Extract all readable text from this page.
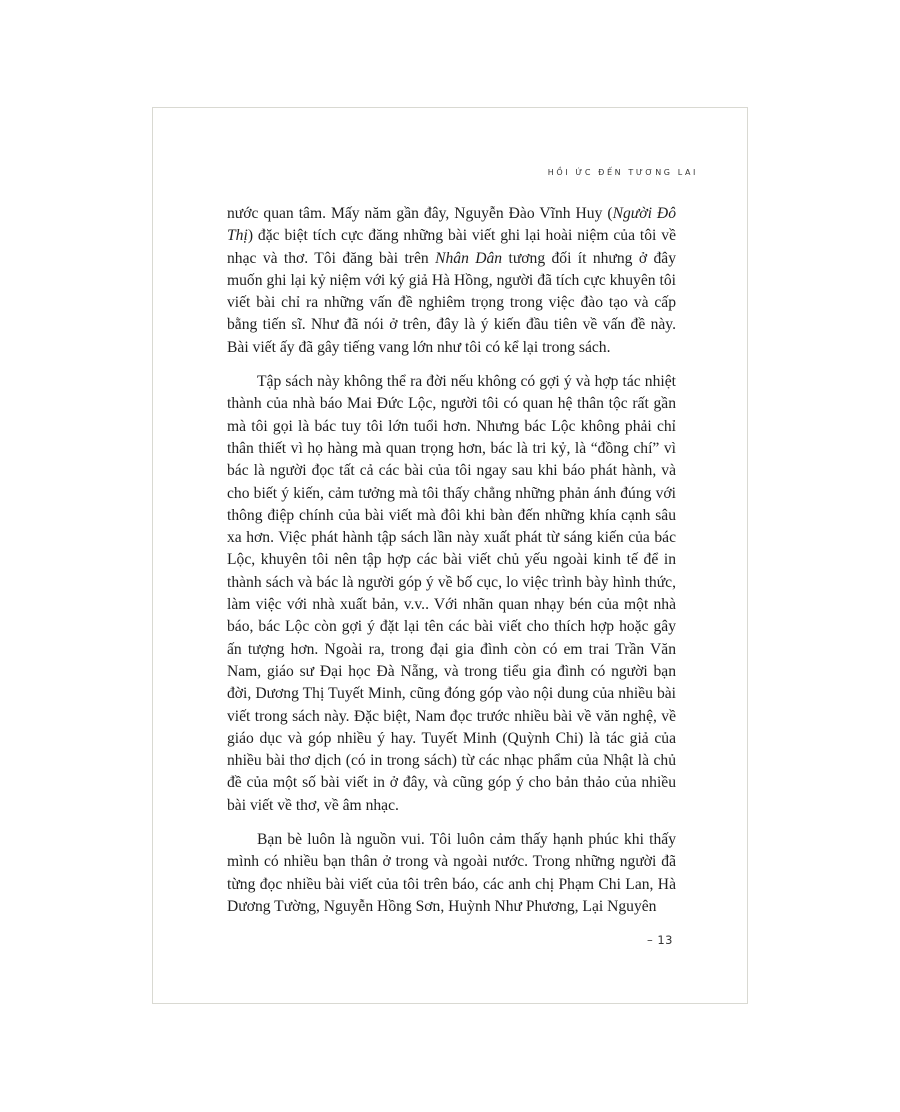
HỒI ỨC ĐẾN TƯƠNG LAI

nước quan tâm. Mấy năm gần đây, Nguyễn Đào Vĩnh Huy (Người Đô Thị) đặc biệt tích cực đăng những bài viết ghi lại hoài niệm của tôi về nhạc và thơ. Tôi đăng bài trên Nhân Dân tương đối ít nhưng ở đây muốn ghi lại kỷ niệm với ký giả Hà Hồng, người đã tích cực khuyên tôi viết bài chỉ ra những vấn đề nghiêm trọng trong việc đào tạo và cấp bằng tiến sĩ. Như đã nói ở trên, đây là ý kiến đầu tiên về vấn đề này. Bài viết ấy đã gây tiếng vang lớn như tôi có kể lại trong sách.

Tập sách này không thể ra đời nếu không có gợi ý và hợp tác nhiệt thành của nhà báo Mai Đức Lộc, người tôi có quan hệ thân tộc rất gần mà tôi gọi là bác tuy tôi lớn tuổi hơn. Nhưng bác Lộc không phải chỉ thân thiết vì họ hàng mà quan trọng hơn, bác là tri kỷ, là “đồng chí” vì bác là người đọc tất cả các bài của tôi ngay sau khi báo phát hành, và cho biết ý kiến, cảm tưởng mà tôi thấy chẳng những phản ánh đúng với thông điệp chính của bài viết mà đôi khi bàn đến những khía cạnh sâu xa hơn. Việc phát hành tập sách lần này xuất phát từ sáng kiến của bác Lộc, khuyên tôi nên tập hợp các bài viết chủ yếu ngoài kinh tế để in thành sách và bác là người góp ý về bố cục, lo việc trình bày hình thức, làm việc với nhà xuất bản, v.v.. Với nhãn quan nhạy bén của một nhà báo, bác Lộc còn gợi ý đặt lại tên các bài viết cho thích hợp hoặc gây ấn tượng hơn. Ngoài ra, trong đại gia đình còn có em trai Trần Văn Nam, giáo sư Đại học Đà Nẵng, và trong tiểu gia đình có người bạn đời, Dương Thị Tuyết Minh, cũng đóng góp vào nội dung của nhiều bài viết trong sách này. Đặc biệt, Nam đọc trước nhiều bài về văn nghệ, về giáo dục và góp nhiều ý hay. Tuyết Minh (Quỳnh Chi) là tác giả của nhiều bài thơ dịch (có in trong sách) từ các nhạc phẩm của Nhật là chủ đề của một số bài viết in ở đây, và cũng góp ý cho bản thảo của nhiều bài viết về thơ, về âm nhạc.

Bạn bè luôn là nguồn vui. Tôi luôn cảm thấy hạnh phúc khi thấy mình có nhiều bạn thân ở trong và ngoài nước. Trong những người đã từng đọc nhiều bài viết của tôi trên báo, các anh chị Phạm Chi Lan, Hà Dương Tường, Nguyễn Hồng Sơn, Huỳnh Như Phương, Lại Nguyên

– 13
